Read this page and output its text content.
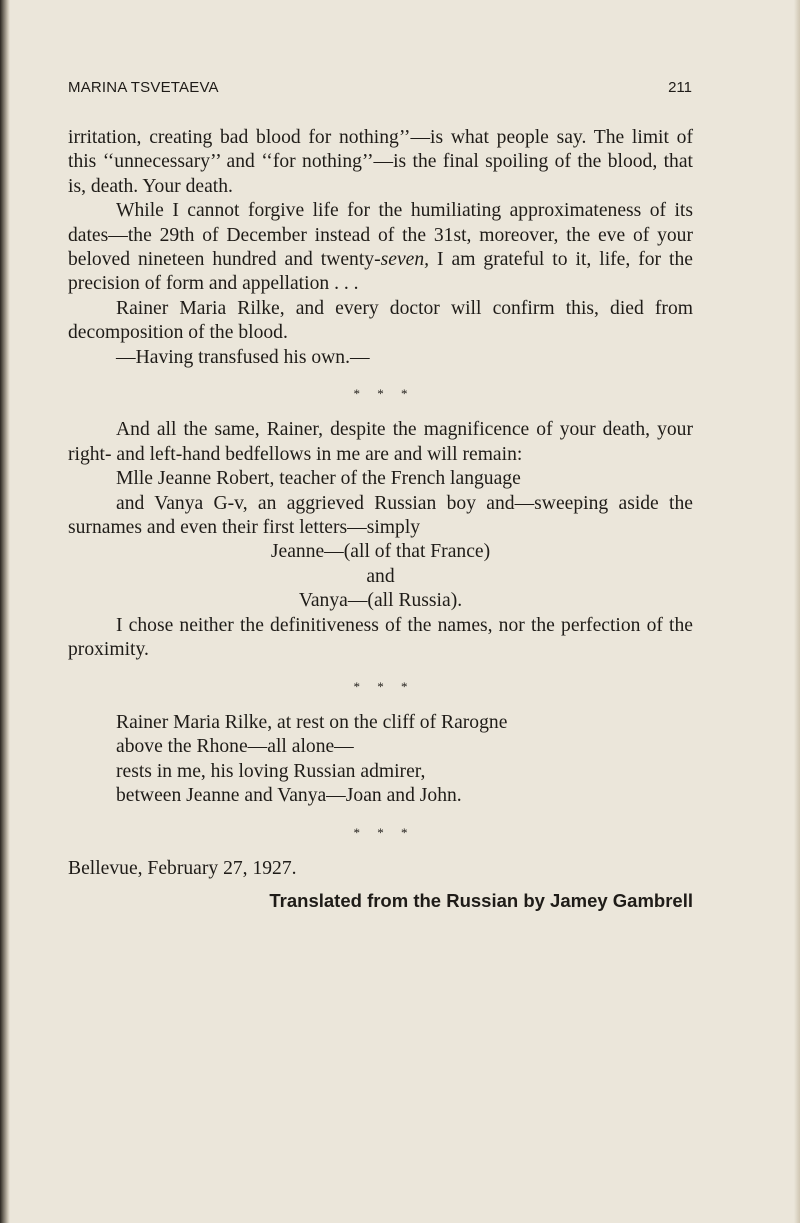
MARINA TSVETAEVA	211

irritation, creating bad blood for nothing’’—is what people say. The limit of this ‘‘unnecessary’’ and ‘‘for nothing’’—is the final spoiling of the blood, that is, death. Your death.

While I cannot forgive life for the humiliating approximateness of its dates—the 29th of December instead of the 31st, moreover, the eve of your beloved nineteen hundred and twenty-seven, I am grateful to it, life, for the precision of form and appellation . . .

Rainer Maria Rilke, and every doctor will confirm this, died from decomposition of the blood.

—Having transfused his own.—

* * *

And all the same, Rainer, despite the magnificence of your death, your right- and left-hand bedfellows in me are and will remain:

Mlle Jeanne Robert, teacher of the French language

and Vanya G-v, an aggrieved Russian boy and—sweeping aside the surnames and even their first letters—simply

Jeanne—(all of that France)

and

Vanya—(all Russia).

I chose neither the definitiveness of the names, nor the perfection of the proximity.

* * *

Rainer Maria Rilke, at rest on the cliff of Rarogne

above the Rhone—all alone—

rests in me, his loving Russian admirer,

between Jeanne and Vanya—Joan and John.

* * *

Bellevue, February 27, 1927.

Translated from the Russian by Jamey Gambrell
